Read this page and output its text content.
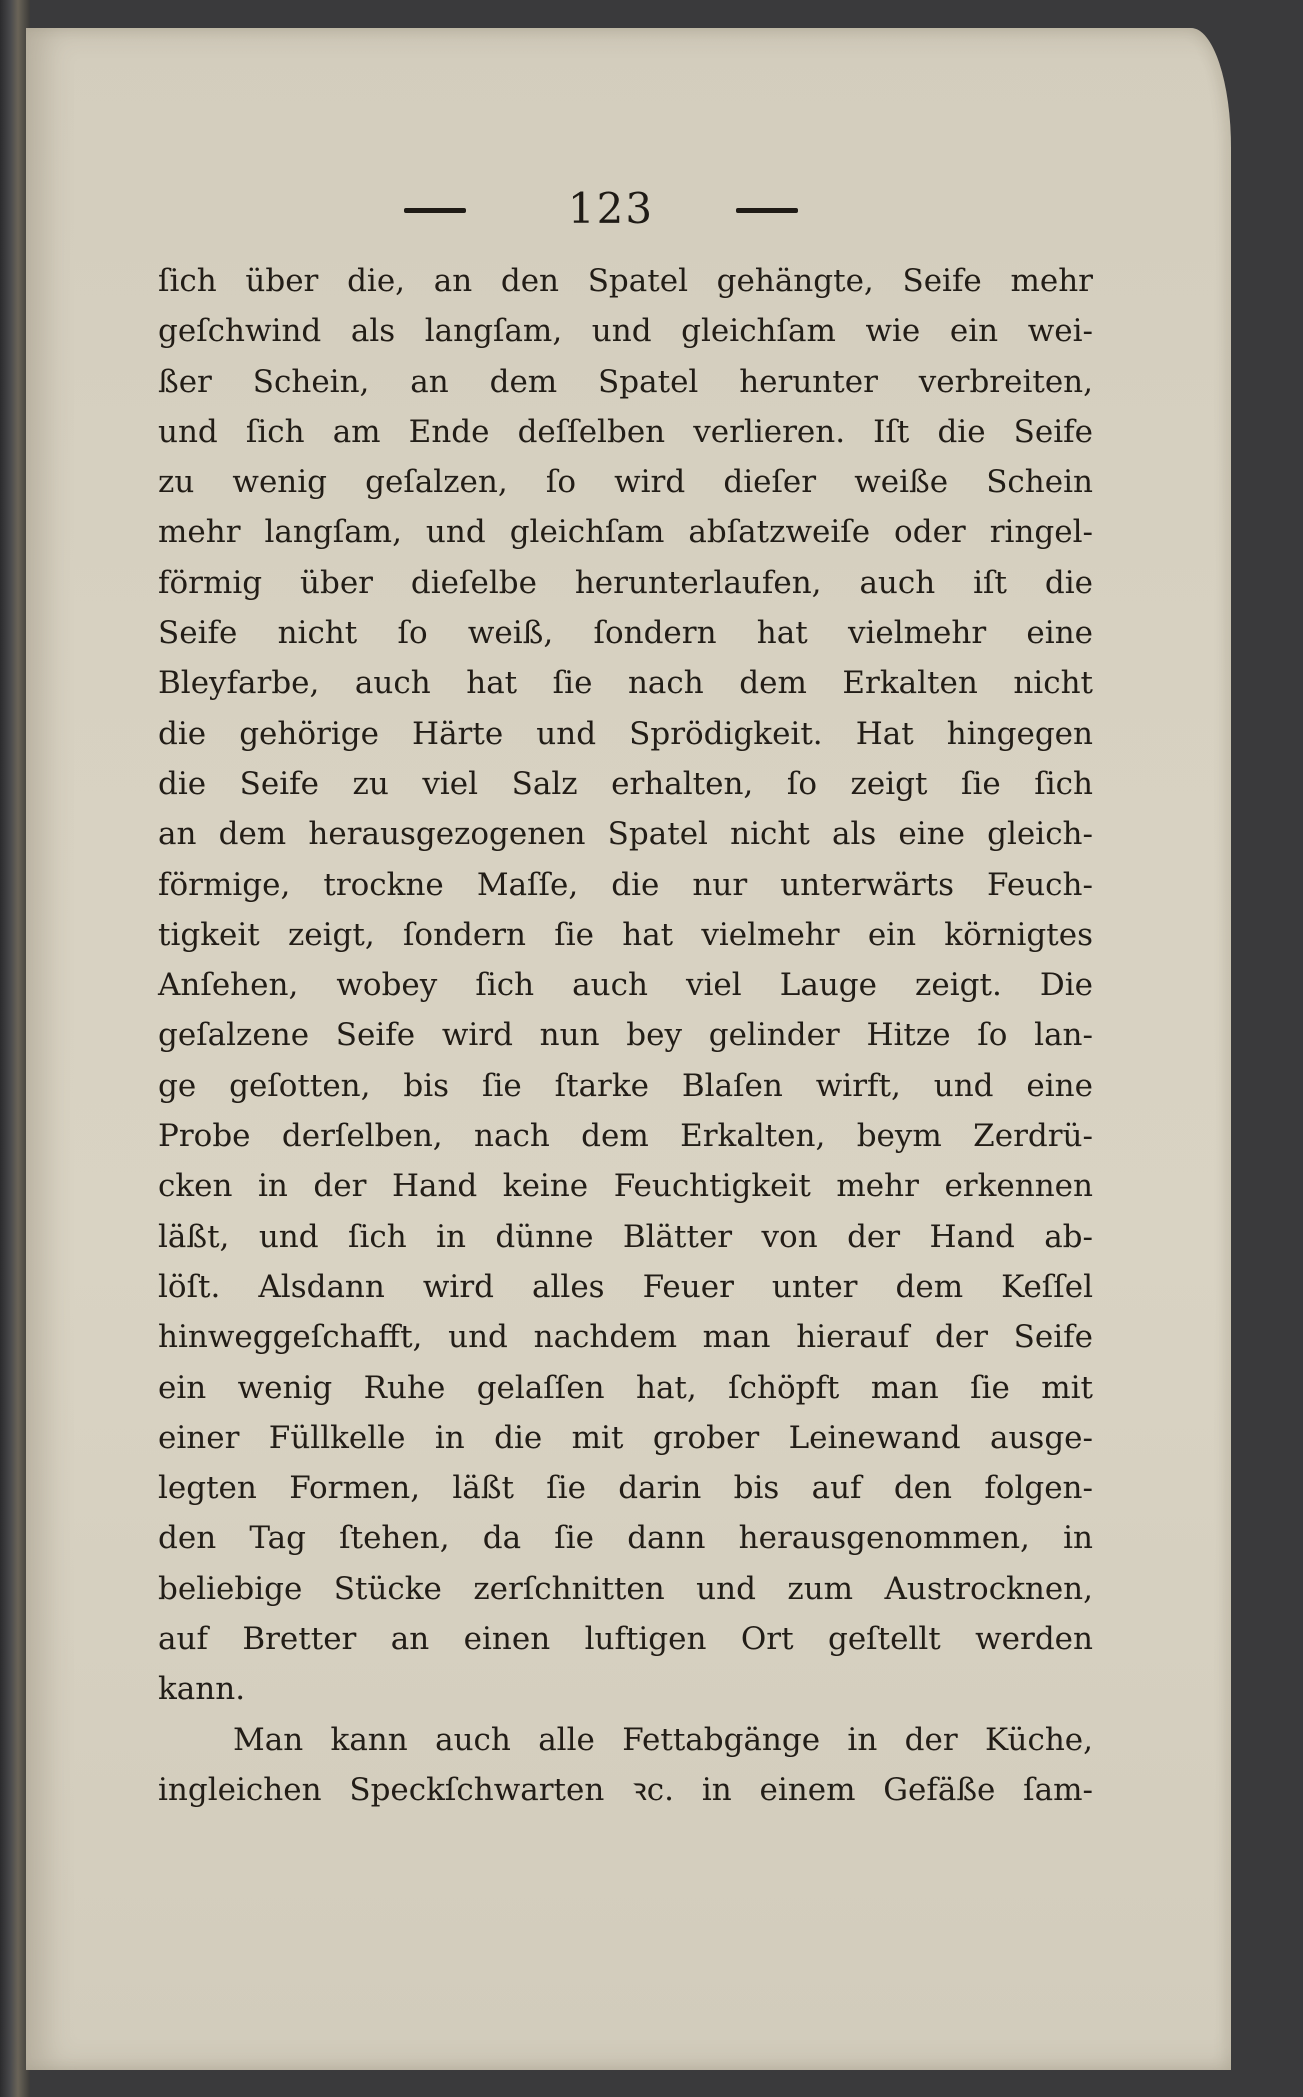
123
ſich über die, an den Spatel gehängte, Seife mehr
geſchwind als langſam, und gleichſam wie ein wei-
ßer Schein, an dem Spatel herunter verbreiten,
und ſich am Ende deſſelben verlieren. Iſt die Seife
zu wenig geſalzen, ſo wird dieſer weiße Schein
mehr langſam, und gleichſam abſatzweiſe oder ringel-
förmig über dieſelbe herunterlaufen, auch iſt die
Seife nicht ſo weiß, ſondern hat vielmehr eine
Bleyfarbe, auch hat ſie nach dem Erkalten nicht
die gehörige Härte und Sprödigkeit. Hat hingegen
die Seife zu viel Salz erhalten, ſo zeigt ſie ſich
an dem herausgezogenen Spatel nicht als eine gleich-
förmige, trockne Maſſe, die nur unterwärts Feuch-
tigkeit zeigt, ſondern ſie hat vielmehr ein körnigtes
Anſehen, wobey ſich auch viel Lauge zeigt. Die
geſalzene Seife wird nun bey gelinder Hitze ſo lan-
ge geſotten, bis ſie ſtarke Blaſen wirft, und eine
Probe derſelben, nach dem Erkalten, beym Zerdrü-
cken in der Hand keine Feuchtigkeit mehr erkennen
läßt, und ſich in dünne Blätter von der Hand ab-
löſt. Alsdann wird alles Feuer unter dem Keſſel
hinweggeſchafft, und nachdem man hierauf der Seife
ein wenig Ruhe gelaſſen hat, ſchöpft man ſie mit
einer Füllkelle in die mit grober Leinewand ausge-
legten Formen, läßt ſie darin bis auf den folgen-
den Tag ſtehen, da ſie dann herausgenommen, in
beliebige Stücke zerſchnitten und zum Austrocknen,
auf Bretter an einen luftigen Ort geſtellt werden
kann.
Man kann auch alle Fettabgänge in der Küche,
ingleichen Speckſchwarten ꝛc. in einem Gefäße ſam-
